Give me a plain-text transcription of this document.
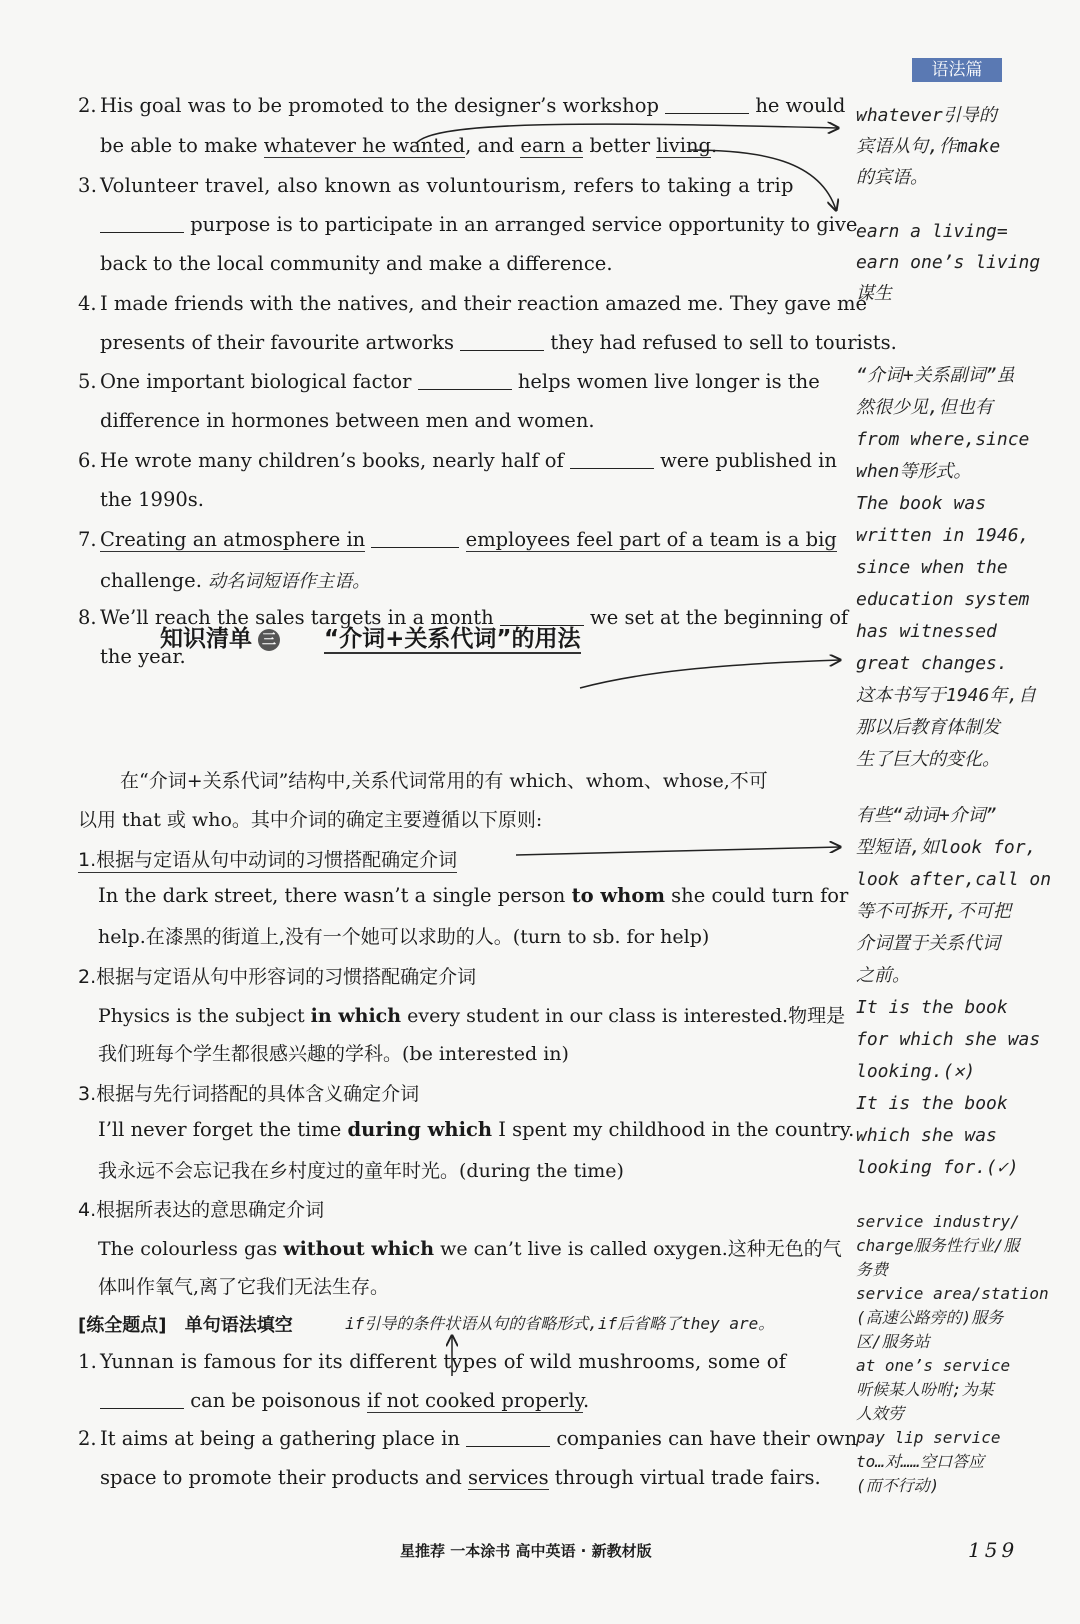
语法篇
2. His goal was to be promoted to the designer’s workshop	he would
be able to make whatever he wanted, and earn a better living.
3. Volunteer travel, also known as voluntourism, refers to taking a trip
purpose is to participate in an arranged service opportunity to give
back to the local community and make a difference.
4. I made friends with the natives, and their reaction amazed me. They gave me
presents of their favourite artworks	they had refused to sell to tourists.
5. One important biological factor	helps women live longer is the
difference in hormones between men and women.
6. He wrote many children’s books, nearly half of	were published in
the 1990s.
7. Creating an atmosphere in	employees feel part of a team is a big
challenge. 动名词短语作主语。
8. We’ll reach the sales targets in a month	we set at the beginning of
the year.
知识清单 三 “介词+关系代词”的用法
在“介词+关系代词”结构中,关系代词常用的有 which、whom、whose,不可
以用 that 或 who。其中介词的确定主要遵循以下原则:
1.根据与定语从句中动词的习惯搭配确定介词
In the dark street, there wasn’t a single person to whom she could turn for
help.在漆黑的街道上,没有一个她可以求助的人。(turn to sb. for help)
2.根据与定语从句中形容词的习惯搭配确定介词
Physics is the subject in which every student in our class is interested.物理是
我们班每个学生都很感兴趣的学科。(be interested in)
3.根据与先行词搭配的具体含义确定介词
I’ll never forget the time during which I spent my childhood in the country.
我永远不会忘记我在乡村度过的童年时光。(during the time)
4.根据所表达的意思确定介词
The colourless gas without which we can’t live is called oxygen.这种无色的气
体叫作氧气,离了它我们无法生存。
[练全题点] 单句语法填空	if引导的条件状语从句的省略形式,if后省略了they are。
1. Yunnan is famous for its different types of wild mushrooms, some of
can be poisonous if not cooked properly.
2. It aims at being a gathering place in	companies can have their own
space to promote their products and services through virtual trade fairs.
whatever引导的
宾语从句,作make
的宾语。
earn a living=
earn one’s living
谋生
“介词+关系副词”虽
然很少见,但也有
from where,since
when等形式。
The book was
written in 1946,
since when the
education system
has witnessed
great changes.
这本书写于1946年,自
那以后教育体制发
生了巨大的变化。
有些“动词+介词”
型短语,如look for,
look after,call on
等不可拆开,不可把
介词置于关系代词
之前。
It is the book
for which she was
looking.(✕)
It is the book
which she was
looking for.(✓)
service industry/
charge服务性行业/服
务费
service area/station
(高速公路旁的)服务
区/服务站
at one’s service
听候某人吩咐;为某
人效劳
pay lip service
to…对……空口答应
(而不行动)
星推荐 一本涂书 高中英语 · 新教材版	159
